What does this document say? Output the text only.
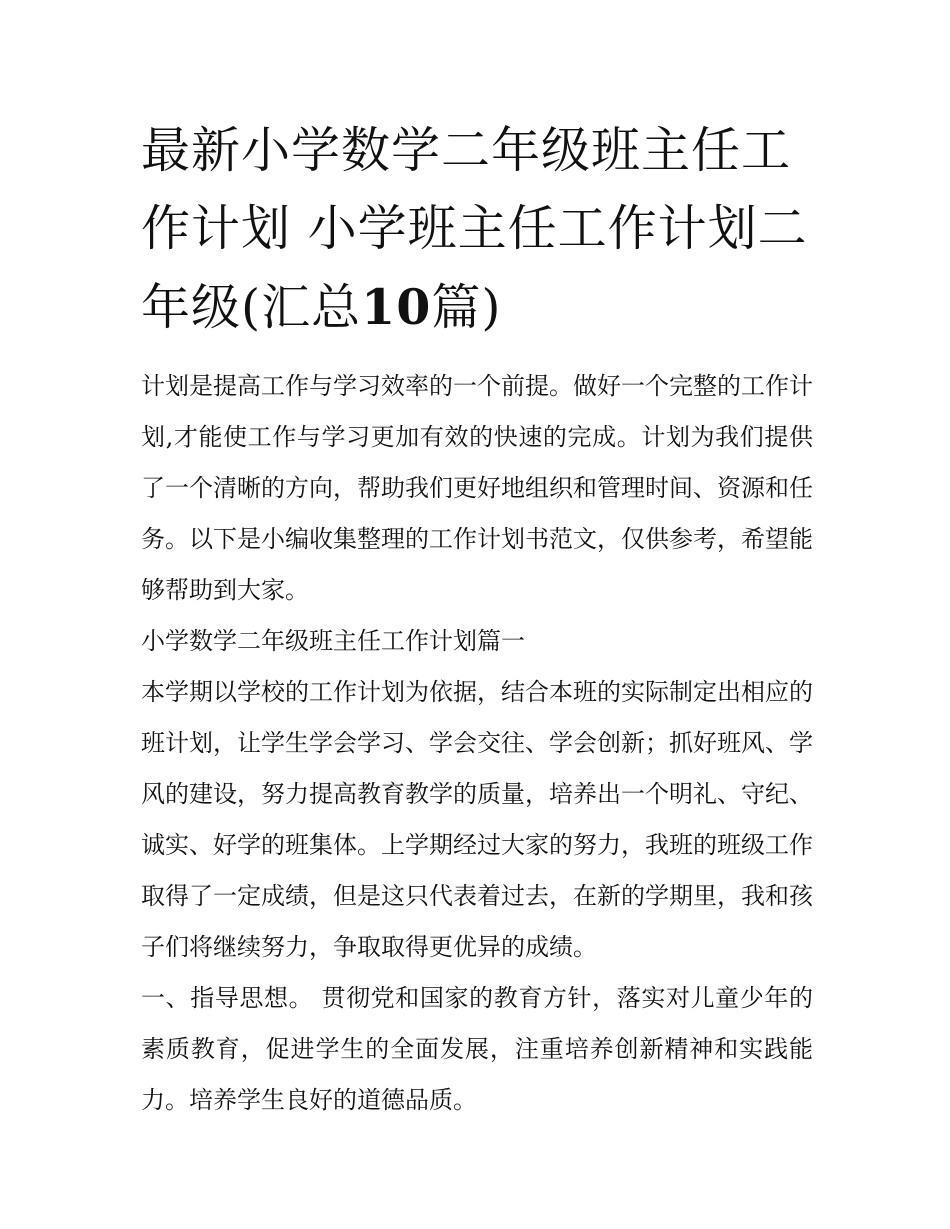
最新小学数学二年级班主任工作计划 小学班主任工作计划二年级(汇总10篇)

计划是提高工作与学习效率的一个前提。做好一个完整的工作计划,才能使工作与学习更加有效的快速的完成。计划为我们提供了一个清晰的方向，帮助我们更好地组织和管理时间、资源和任务。以下是小编收集整理的工作计划书范文，仅供参考，希望能够帮助到大家。

小学数学二年级班主任工作计划篇一

本学期以学校的工作计划为依据，结合本班的实际制定出相应的班计划，让学生学会学习、学会交往、学会创新；抓好班风、学风的建设，努力提高教育教学的质量，培养出一个明礼、守纪、诚实、好学的班集体。上学期经过大家的努力，我班的班级工作取得了一定成绩，但是这只代表着过去，在新的学期里，我和孩子们将继续努力，争取取得更优异的成绩。

一、指导思想。 贯彻党和国家的教育方针，落实对儿童少年的素质教育，促进学生的全面发展，注重培养创新精神和实践能力。培养学生良好的道德品质。
